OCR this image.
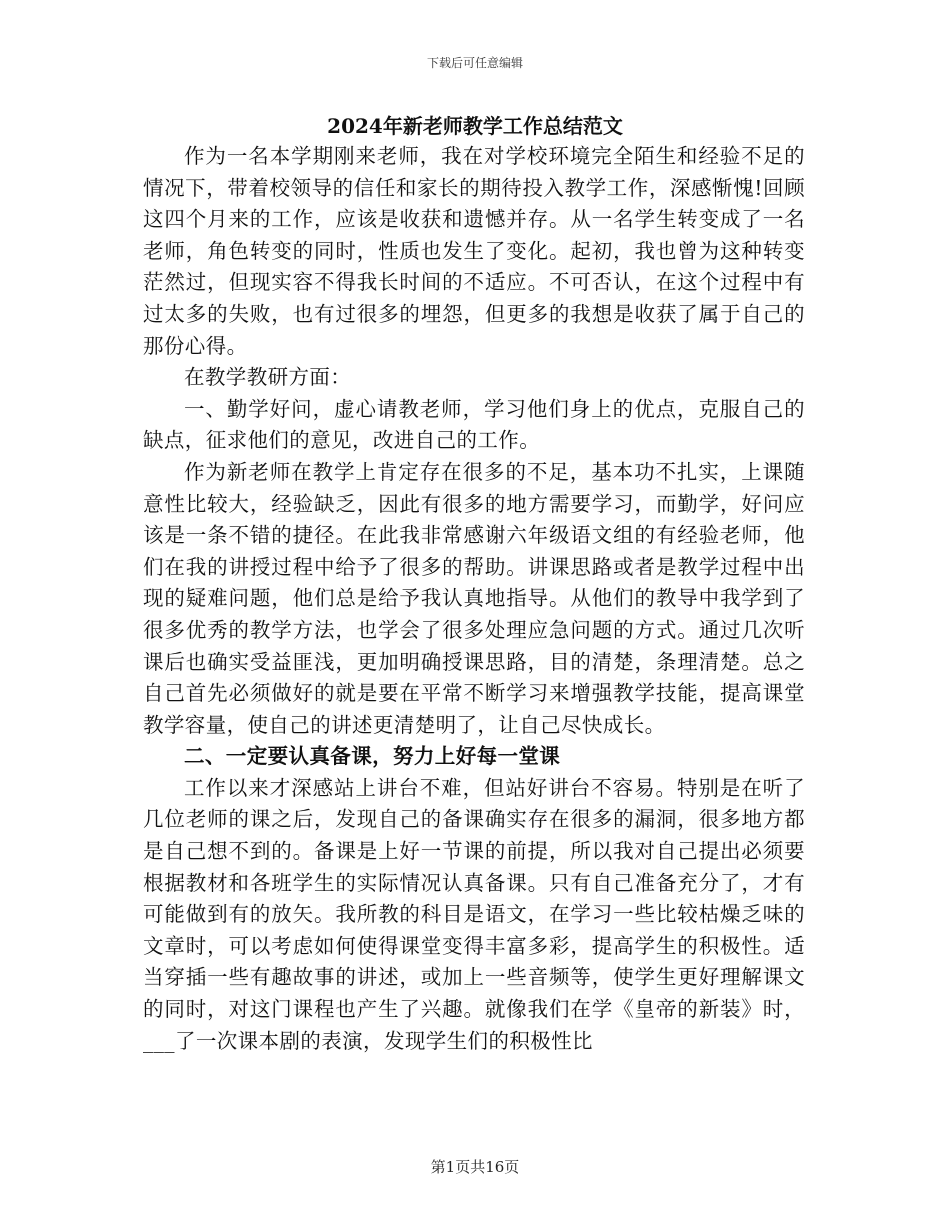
下载后可任意编辑
2024年新老师教学工作总结范文

作为一名本学期刚来老师，我在对学校环境完全陌生和经验不足的情况下，带着校领导的信任和家长的期待投入教学工作，深感惭愧!回顾这四个月来的工作，应该是收获和遗憾并存。从一名学生转变成了一名老师，角色转变的同时，性质也发生了变化。起初，我也曾为这种转变茫然过，但现实容不得我长时间的不适应。不可否认，在这个过程中有过太多的失败，也有过很多的埋怨，但更多的我想是收获了属于自己的那份心得。

在教学教研方面：

一、勤学好问，虚心请教老师，学习他们身上的优点，克服自己的缺点，征求他们的意见，改进自己的工作。

作为新老师在教学上肯定存在很多的不足，基本功不扎实，上课随意性比较大，经验缺乏，因此有很多的地方需要学习，而勤学，好问应该是一条不错的捷径。在此我非常感谢六年级语文组的有经验老师，他们在我的讲授过程中给予了很多的帮助。讲课思路或者是教学过程中出现的疑难问题，他们总是给予我认真地指导。从他们的教导中我学到了很多优秀的教学方法，也学会了很多处理应急问题的方式。通过几次听课后也确实受益匪浅，更加明确授课思路，目的清楚，条理清楚。总之自己首先必须做好的就是要在平常不断学习来增强教学技能，提高课堂教学容量，使自己的讲述更清楚明了，让自己尽快成长。

二、一定要认真备课，努力上好每一堂课

工作以来才深感站上讲台不难，但站好讲台不容易。特别是在听了几位老师的课之后，发现自己的备课确实存在很多的漏洞，很多地方都是自己想不到的。备课是上好一节课的前提，所以我对自己提出必须要根据教材和各班学生的实际情况认真备课。只有自己准备充分了，才有可能做到有的放矢。我所教的科目是语文，在学习一些比较枯燥乏味的文章时，可以考虑如何使得课堂变得丰富多彩，提高学生的积极性。适当穿插一些有趣故事的讲述，或加上一些音频等，使学生更好理解课文的同时，对这门课程也产生了兴趣。就像我们在学《皇帝的新装》时，___了一次课本剧的表演，发现学生们的积极性比

第1页共16页
